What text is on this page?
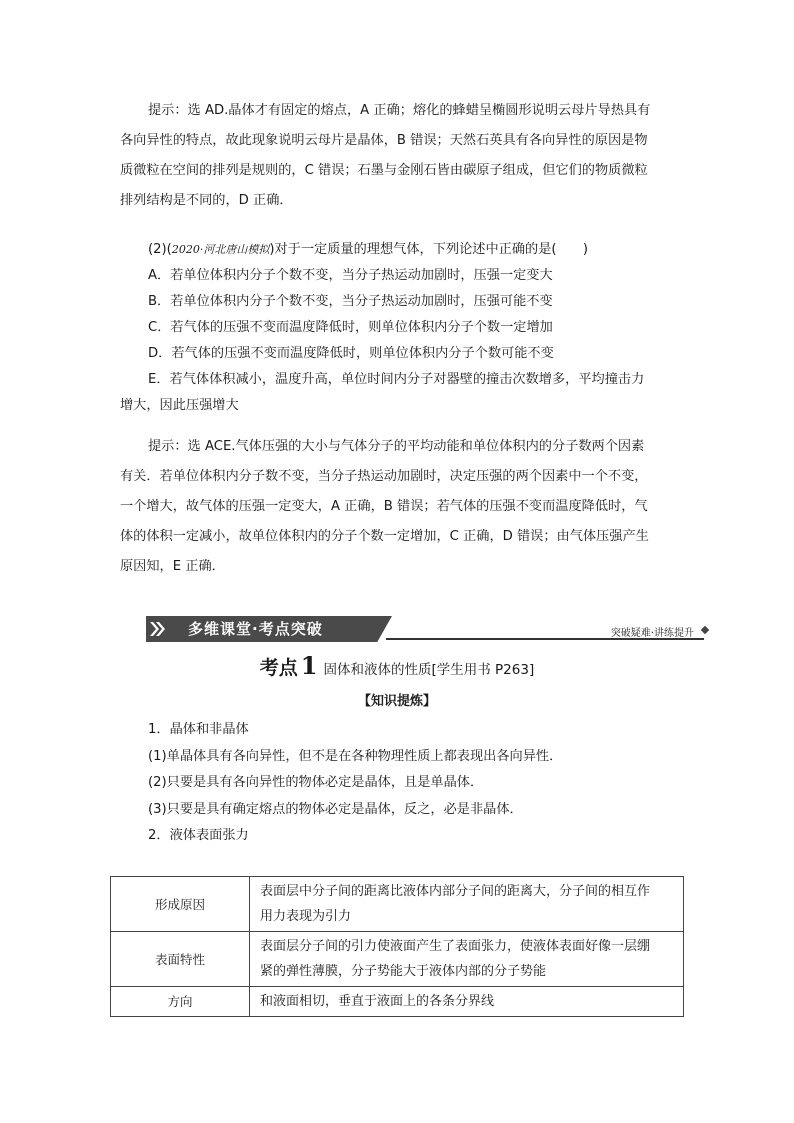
提示：选 AD.晶体才有固定的熔点，A 正确；熔化的蜂蜡呈椭圆形说明云母片导热具有

各向异性的特点，故此现象说明云母片是晶体，B 错误；天然石英具有各向异性的原因是物

质微粒在空间的排列是规则的，C 错误；石墨与金刚石皆由碳原子组成，但它们的物质微粒

排列结构是不同的，D 正确．

(2)(2020·河北唐山模拟)对于一定质量的理想气体，下列论述中正确的是(　　)

A．若单位体积内分子个数不变，当分子热运动加剧时，压强一定变大

B．若单位体积内分子个数不变，当分子热运动加剧时，压强可能不变

C．若气体的压强不变而温度降低时，则单位体积内分子个数一定增加

D．若气体的压强不变而温度降低时，则单位体积内分子个数可能不变

E．若气体体积减小，温度升高，单位时间内分子对器壁的撞击次数增多，平均撞击力

增大，因此压强增大

提示：选 ACE.气体压强的大小与气体分子的平均动能和单位体积内的分子数两个因素

有关．若单位体积内分子数不变，当分子热运动加剧时，决定压强的两个因素中一个不变，

一个增大，故气体的压强一定变大，A 正确，B 错误；若气体的压强不变而温度降低时，气

体的体积一定减小，故单位体积内的分子个数一定增加，C 正确，D 错误；由气体压强产生

原因知，E 正确．

多维课堂·考点突破	突破疑难·讲练提升
考点 1 固体和液体的性质[学生用书 P263]
【知识提炼】

1．晶体和非晶体

(1)单晶体具有各向异性，但不是在各种物理性质上都表现出各向异性．

(2)只要是具有各向异性的物体必定是晶体，且是单晶体．

(3)只要是具有确定熔点的物体必定是晶体，反之，必是非晶体．

2．液体表面张力

形成原因	表面层中分子间的距离比液体内部分子间的距离大，分子间的相互作
用力表现为引力

表面特性	表面层分子间的引力使液面产生了表面张力，使液体表面好像一层绷
紧的弹性薄膜，分子势能大于液体内部的分子势能

方向	和液面相切，垂直于液面上的各条分界线
